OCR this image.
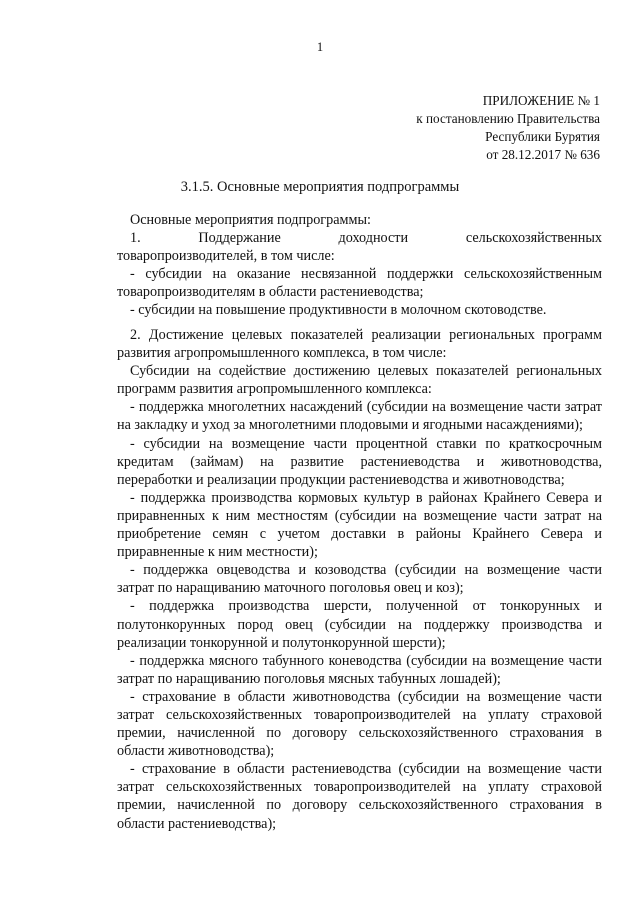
1
ПРИЛОЖЕНИЕ № 1
к постановлению Правительства
Республики Бурятия
от 28.12.2017 № 636
3.1.5. Основные мероприятия подпрограммы

Основные мероприятия подпрограммы:

1.	Поддержание	доходности	сельскохозяйственных

товаропроизводителей, в том числе:

- субсидии на оказание несвязанной поддержки сельскохозяйственным товаропроизводителям в области растениеводства;

- субсидии на повышение продуктивности в молочном скотоводстве.

2. Достижение целевых показателей реализации региональных программ развития агропромышленного комплекса, в том числе:

Субсидии на содействие достижению целевых показателей региональных программ развития агропромышленного комплекса:

- поддержка многолетних насаждений (субсидии на возмещение части затрат на закладку и уход за многолетними плодовыми и ягодными насаждениями);

- субсидии на возмещение части процентной ставки по краткосрочным кредитам (займам) на развитие растениеводства и животноводства, переработки и реализации продукции растениеводства и животноводства;

- поддержка производства кормовых культур в районах Крайнего Севера и приравненных к ним местностям (субсидии на возмещение части затрат на приобретение семян с учетом доставки в районы Крайнего Севера и приравненные к ним местности);

- поддержка овцеводства и козоводства (субсидии на возмещение части затрат по наращиванию маточного поголовья овец и коз);

- поддержка производства шерсти, полученной от тонкорунных и полутонкорунных пород овец (субсидии на поддержку производства и реализации тонкорунной и полутонкорунной шерсти);

- поддержка мясного табунного коневодства (субсидии на возмещение части затрат по наращиванию поголовья мясных табунных лошадей);

- страхование в области животноводства (субсидии на возмещение части затрат сельскохозяйственных товаропроизводителей на уплату страховой премии, начисленной по договору сельскохозяйственного страхования в области животноводства);

- страхование в области растениеводства (субсидии на возмещение части затрат сельскохозяйственных товаропроизводителей на уплату страховой премии, начисленной по договору сельскохозяйственного страхования в области растениеводства);
